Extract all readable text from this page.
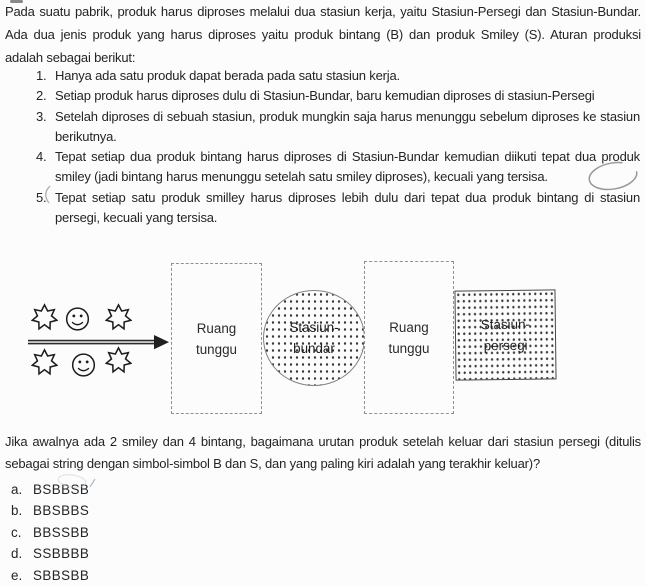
Pada suatu pabrik, produk harus diproses melalui dua stasiun kerja, yaitu Stasiun-Persegi dan Stasiun-Bundar. Ada dua jenis produk yang harus diproses yaitu produk bintang (B) dan produk Smiley (S). Aturan produksi adalah sebagai berikut:

1. Hanya ada satu produk dapat berada pada satu stasiun kerja.
2. Setiap produk harus diproses dulu di Stasiun-Bundar, baru kemudian diproses di stasiun-Persegi
3. Setelah diproses di sebuah stasiun, produk mungkin saja harus menunggu sebelum diproses ke stasiun berikutnya.
4. Tepat setiap dua produk bintang harus diproses di Stasiun-Bundar kemudian diikuti tepat dua produk smiley (jadi bintang harus menunggu setelah satu smiley diproses), kecuali yang tersisa.
5. Tepat setiap satu produk smilley harus diproses lebih dulu dari tepat dua produk bintang di stasiun persegi, kecuali yang tersisa.
Ruang tunggu
Stasiun-bundar
Ruang tunggu
Stasiun-persegi

Jika awalnya ada 2 smiley dan 4 bintang, bagaimana urutan produk setelah keluar dari stasiun persegi (ditulis sebagai string dengan simbol-simbol B dan S, dan yang paling kiri adalah yang terakhir keluar)?

a. BSBBSB
b. BBSBBS
c. BBSSBB
d. SSBBBB
e. SBBSBB
